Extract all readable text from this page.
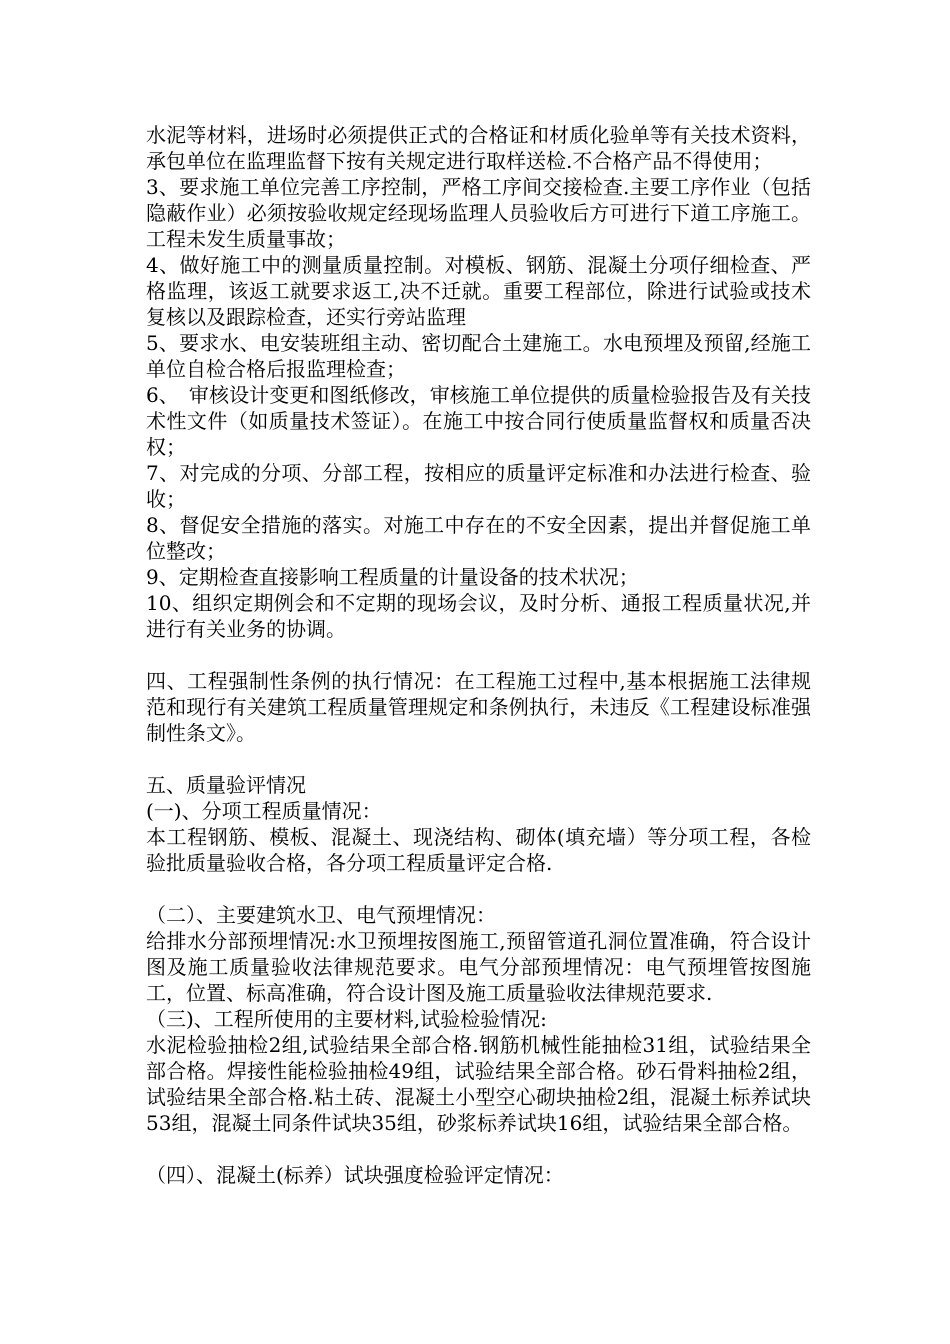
水泥等材料，进场时必须提供正式的合格证和材质化验单等有关技术资料，承包单位在监理监督下按有关规定进行取样送检.不合格产品不得使用；

3、要求施工单位完善工序控制，严格工序间交接检查.主要工序作业（包括隐蔽作业）必须按验收规定经现场监理人员验收后方可进行下道工序施工。工程未发生质量事故；

4、做好施工中的测量质量控制。对模板、钢筋、混凝土分项仔细检查、严格监理，该返工就要求返工,决不迁就。重要工程部位，除进行试验或技术复核以及跟踪检查，还实行旁站监理

5、要求水、电安装班组主动、密切配合土建施工。水电预埋及预留,经施工单位自检合格后报监理检查；

6、　审核设计变更和图纸修改，审核施工单位提供的质量检验报告及有关技术性文件（如质量技术签证）。在施工中按合同行使质量监督权和质量否决权；

7、对完成的分项、分部工程，按相应的质量评定标准和办法进行检查、验收；

8、督促安全措施的落实。对施工中存在的不安全因素，提出并督促施工单位整改；

9、定期检查直接影响工程质量的计量设备的技术状况；

10、组织定期例会和不定期的现场会议，及时分析、通报工程质量状况,并进行有关业务的协调。

四、工程强制性条例的执行情况：在工程施工过程中,基本根据施工法律规范和现行有关建筑工程质量管理规定和条例执行，未违反《工程建设标准强制性条文》。

五、质量验评情况

(一)、分项工程质量情况：

本工程钢筋、模板、混凝土、现浇结构、砌体(填充墙）等分项工程，各检验批质量验收合格，各分项工程质量评定合格.

（二）、主要建筑水卫、电气预埋情况：

给排水分部预埋情况:水卫预埋按图施工,预留管道孔洞位置准确，符合设计图及施工质量验收法律规范要求。电气分部预埋情况：电气预埋管按图施工，位置、标高准确，符合设计图及施工质量验收法律规范要求.

（三)、工程所使用的主要材料,试验检验情况:

水泥检验抽检2组,试验结果全部合格.钢筋机械性能抽检31组，试验结果全部合格。焊接性能检验抽检49组，试验结果全部合格。砂石骨料抽检2组，试验结果全部合格.粘土砖、混凝土小型空心砌块抽检2组，混凝土标养试块53组，混凝土同条件试块35组，砂浆标养试块16组，试验结果全部合格。

（四）、混凝土(标养）试块强度检验评定情况：
